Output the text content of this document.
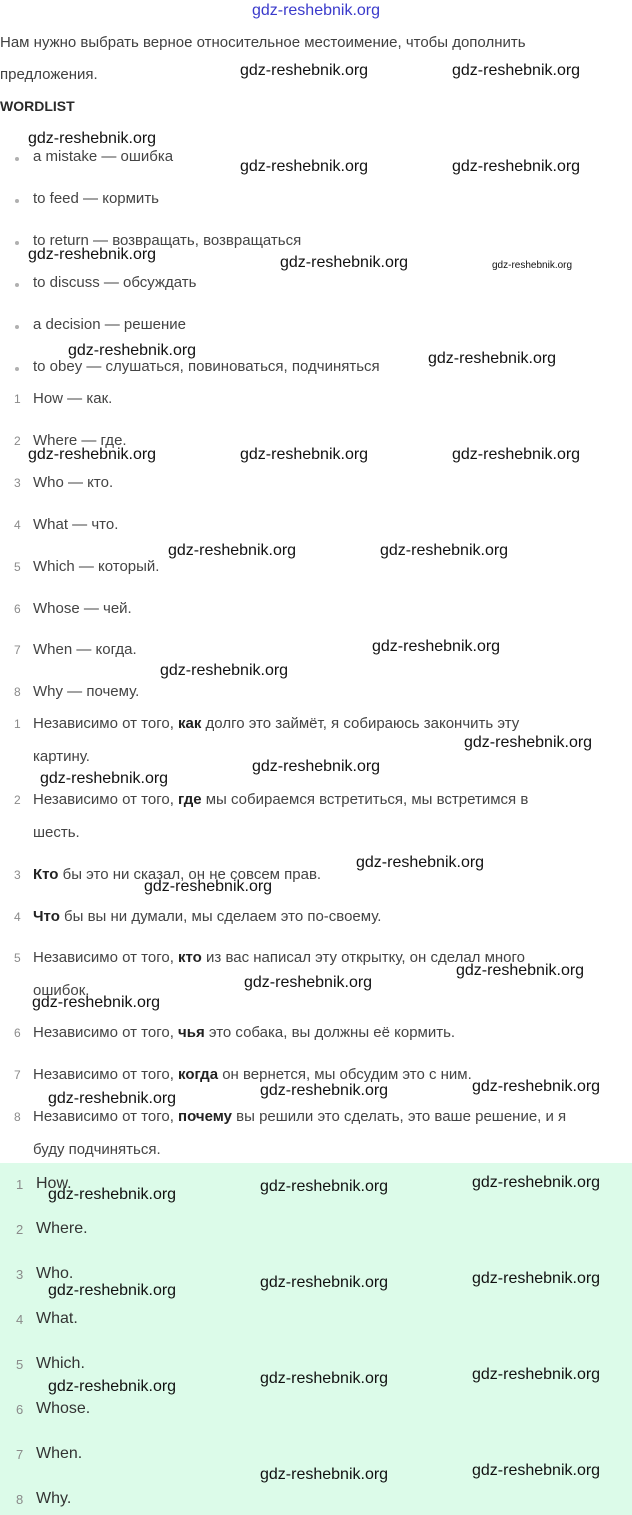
gdz-reshebnik.org
Нам нужно выбрать верное относительное местоимение, чтобы дополнить
предложения.
WORDLIST
a mistake — ошибка
to feed — кормить
to return — возвращать, возвращаться
to discuss — обсуждать
a decision — решение
to obey — слушаться, повиноваться, подчиняться
1 How — как.
2 Where — где.
3 Who — кто.
4 What — что.
5 Which — который.
6 Whose — чей.
7 When — когда.
8 Why — почему.
1 Независимо от того, как долго это займёт, я собираюсь закончить эту
картину.
2 Независимо от того, где мы собираемся встретиться, мы встретимся в
шесть.
3 Кто бы это ни сказал, он не совсем прав.
4 Что бы вы ни думали, мы сделаем это по-своему.
5 Независимо от того, кто из вас написал эту открытку, он сделал много
ошибок.
6 Независимо от того, чья это собака, вы должны её кормить.
7 Независимо от того, когда он вернется, мы обсудим это с ним.
8 Независимо от того, почему вы решили это сделать, это ваше решение, и я
буду подчиняться.
1 How.
2 Where.
3 Who.
4 What.
5 Which.
6 Whose.
7 When.
8 Why.
gdz-reshebnik.org	gdz-reshebnik.org
gdz-reshebnik.org
gdz-reshebnik.org	gdz-reshebnik.org
gdz-reshebnik.org	gdz-reshebnik.org	gdz-reshebnik.org
gdz-reshebnik.org	gdz-reshebnik.org
gdz-reshebnik.org	gdz-reshebnik.org	gdz-reshebnik.org
gdz-reshebnik.org	gdz-reshebnik.org
gdz-reshebnik.org
gdz-reshebnik.org
gdz-reshebnik.org
gdz-reshebnik.org
gdz-reshebnik.org
gdz-reshebnik.org
gdz-reshebnik.org
gdz-reshebnik.org
gdz-reshebnik.org
gdz-reshebnik.org
gdz-reshebnik.org
gdz-reshebnik.org
gdz-reshebnik.org
gdz-reshebnik.org
gdz-reshebnik.org
gdz-reshebnik.org
gdz-reshebnik.org
gdz-reshebnik.org
gdz-reshebnik.org
gdz-reshebnik.org
gdz-reshebnik.org
gdz-reshebnik.org
gdz-reshebnik.org
gdz-reshebnik.org
